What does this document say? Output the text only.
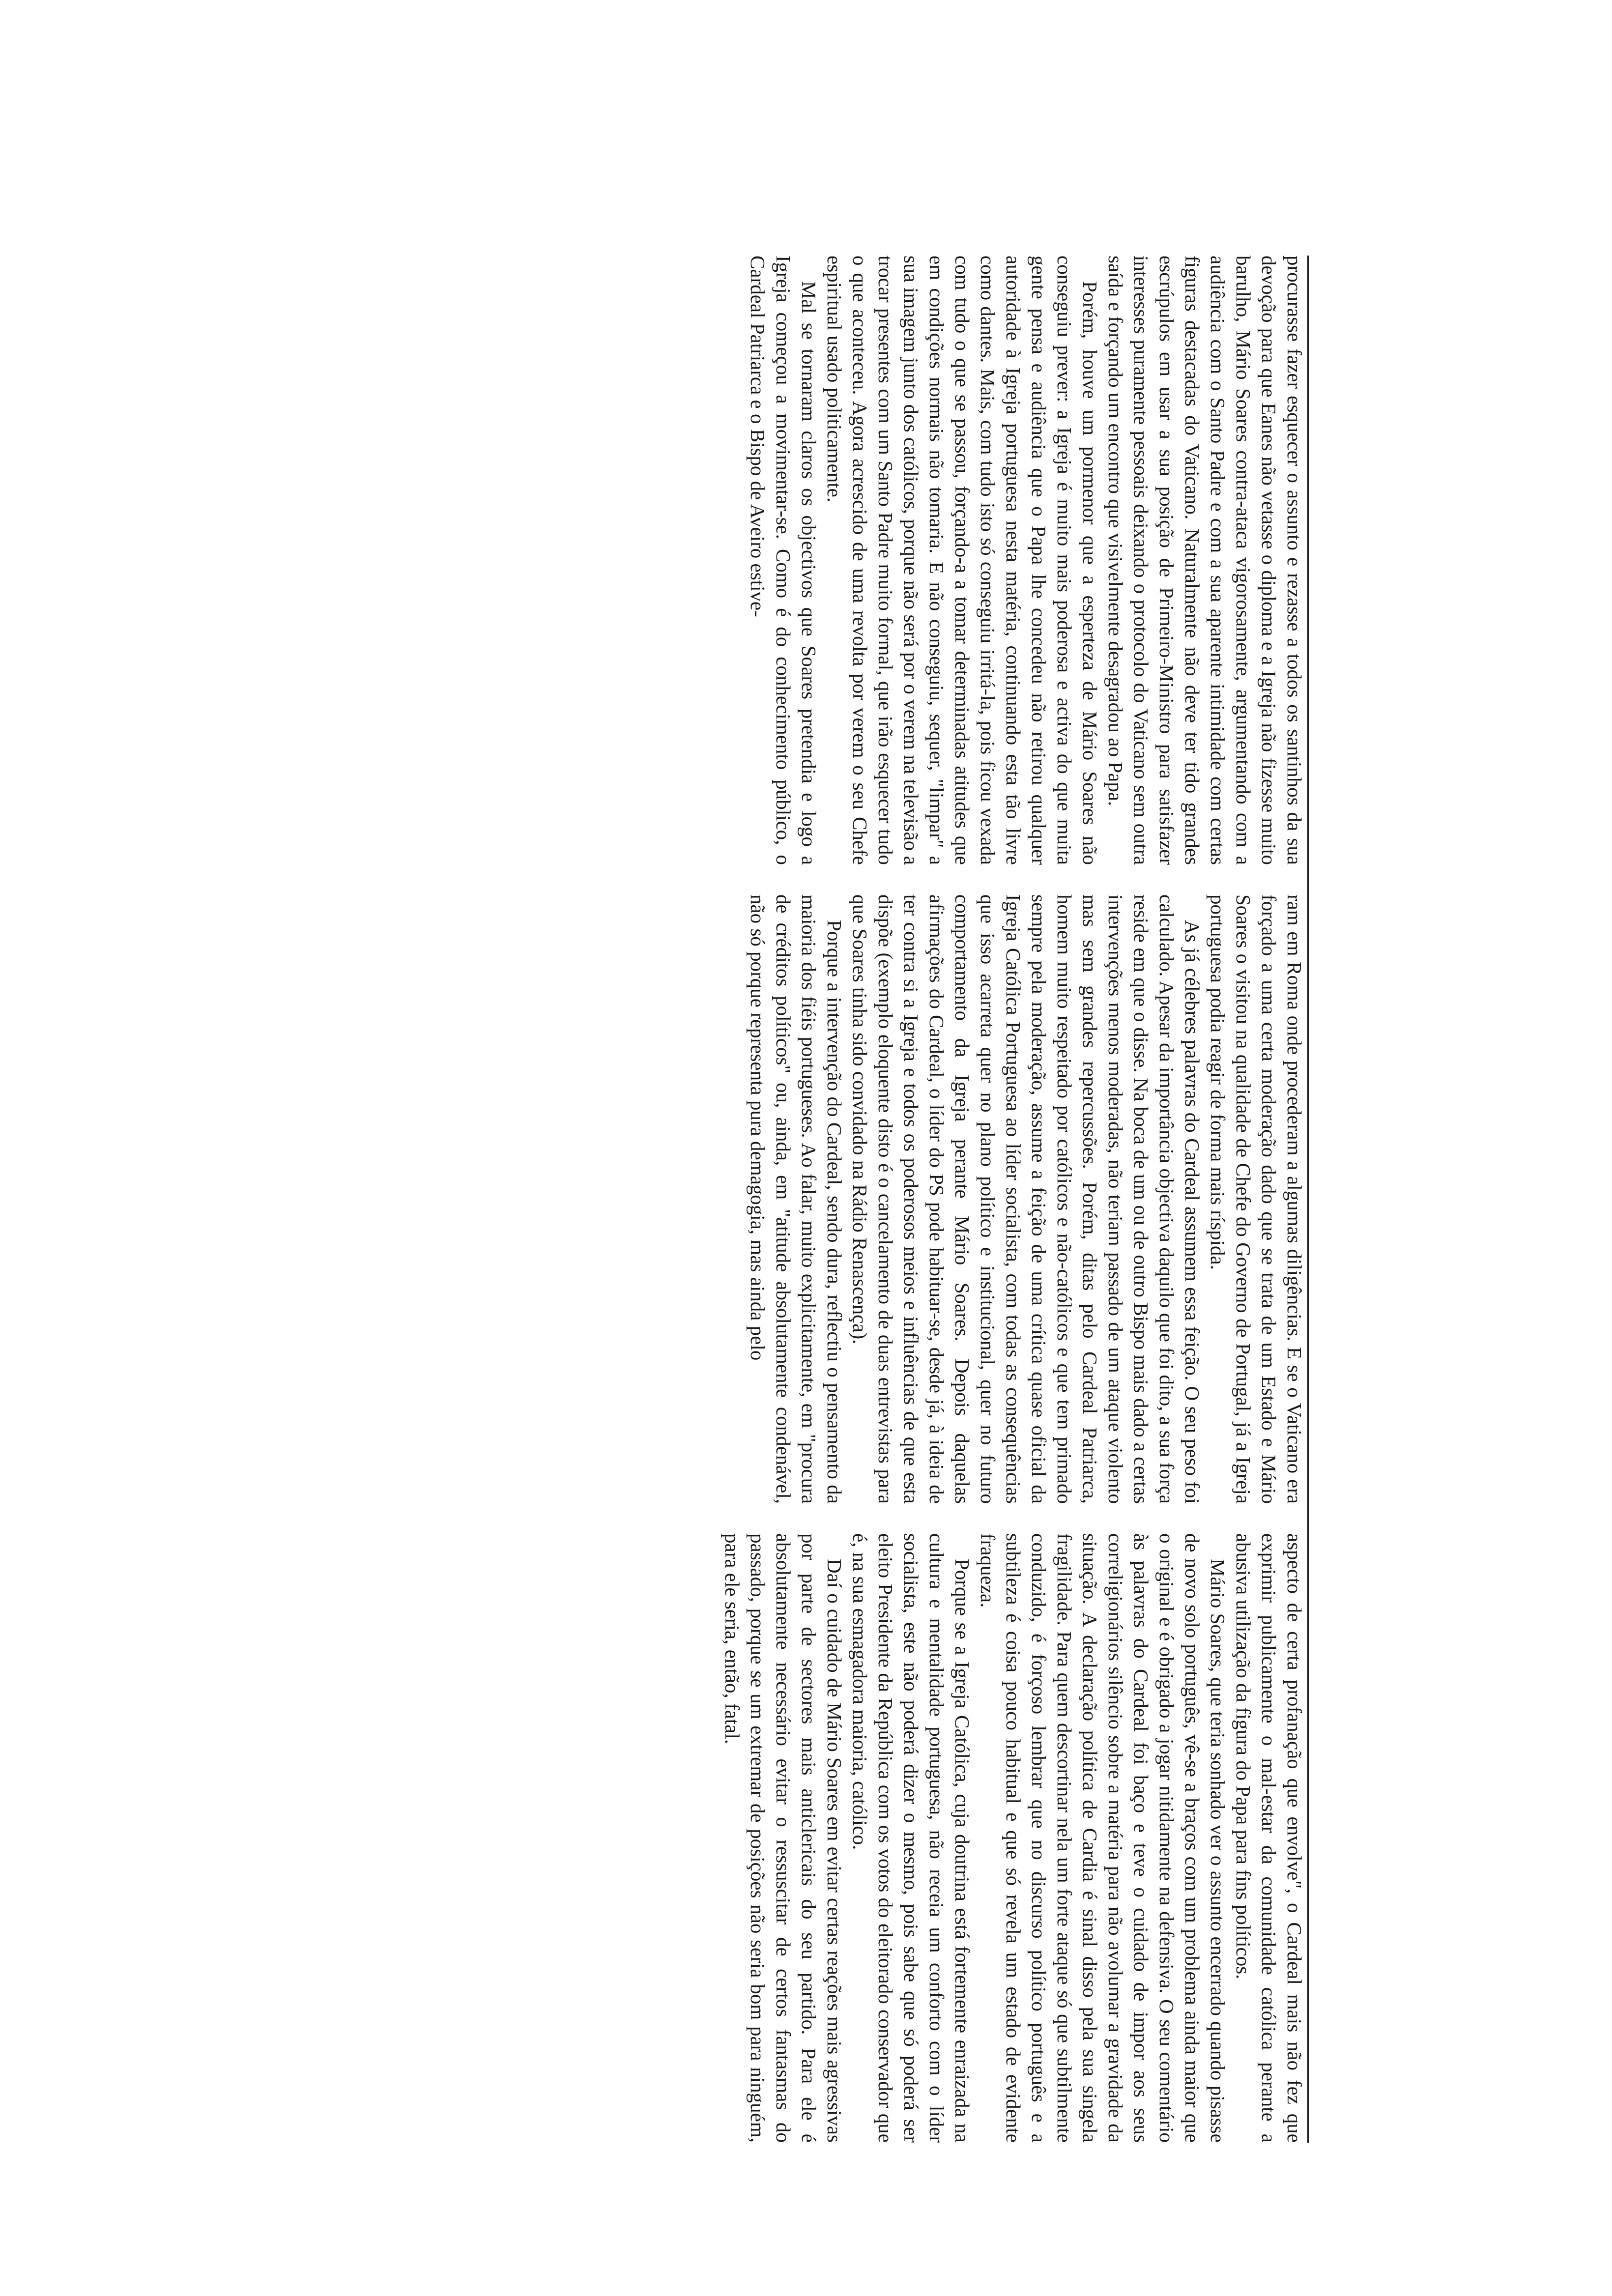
procurasse fazer esquecer o assunto e rezasse a todos os santinhos da sua devoção para que Eanes não vetasse o diploma e a Igreja não fizesse muito barulho, Mário Soares contra-atacа vigorosamente, argumentando com a audiência com o Santo Padre e com a sua aparente intimidade com certas figuras destacadas do Vaticano. Naturalmente não deve ter tido grandes escrúpulos em usar a sua posição de Primeiro-Ministro para satisfazer interesses puramente pessoais deixando o protocolo do Vaticano sem outra saída e forçando um encontro que visivelmente desagradou ao Papa.

Porém, houve um pormenor que a esperteza de Mário Soares não conseguiu prever: a Igreja é muito mais poderosa e activa do que muita gente pensa e audiência que o Papa lhe concedeu não retirou qualquer autoridade à Igreja portuguesa nesta matéria, continuando esta tão livre como dantes. Mais, com tudo isto só conseguiu irritá-la, pois ficou vexada com tudo o que se passou, forçando-a a tomar determinadas atitudes que em condições normais não tomaria. E não conseguiu, sequer, "limpar" a sua imagem junto dos católicos, porque não será por o verem na televisão a trocar presentes com um Santo Padre muito formal, que irão esquecer tudo o que aconteceu. Agora acrescido de uma revolta por verem o seu Chefe espiritual usado politicamente.

Mal se tornaram claros os objectivos que Soares pretendia e logo a Igreja começou a movimentar-se. Como é do conhecimento público, o Cardeal Patriarca e o Bispo de Aveiro estive-

ram em Roma onde procederam a algumas diligências. E se o Vaticano era forçado a uma certa moderação dado que se trata de um Estado e Mário Soares o visitou na qualidade de Chefe do Governo de Portugal, já a Igreja portuguesa podia reagir de forma mais ríspida.

As já célebres palavras do Cardeal assumem essa feição. O seu peso foi calculado. Apesar da importância objectiva daquilo que foi dito, a sua força reside em que o disse. Na boca de um ou de outro Bispo mais dado a certas intervenções menos moderadas, não teriam passado de um ataque violento mas sem grandes repercussões. Porém, ditas pelo Cardeal Patriarca, homem muito respeitado por católicos e não-católicos e que tem primado sempre pela moderação, assume a feição de uma crítica quase oficial da Igreja Católica Portuguesa ao líder socialista, com todas as consequências que isso acarreta quer no plano político e institucional, quer no futuro comportamento da Igreja perante Mário Soares. Depois daquelas afirmações do Cardeal, o líder do PS pode habituar-se, desde já, à ideia de ter contra si a Igreja e todos os poderosos meios e influências de que esta dispõe (exemplo eloquente disto é o cancelamento de duas entrevistas para que Soares tinha sido convidado na Rádio Renascença).

Porque a intervenção do Cardeal, sendo dura, reflectiu o pensamento da maioria dos fiéis portugueses. Ao falar, muito explicitamente, em "procura de créditos políticos" ou, ainda, em "atitude absolutamente condenável, não só porque representa pura demagogia, mas ainda pelo

aspecto de certa profanação que envolve", o Cardeal mais não fez que exprimir publicamente o mal-estar da comunidade católica perante a abusiva utilização da figura do Papa para fins políticos.

Mário Soares, que teria sonhado ver o assunto encerrado quando pisasse de novo solo português, vê-se a braços com um problema ainda maior que o original e é obrigado a jogar nitidamente na defensiva. O seu comentário às palavras do Cardeal foi baço e teve o cuidado de impor aos seus correligionários silêncio sobre a matéria para não avolumar a gravidade da situação. A declaração política de Cardia é sinal disso pela sua singela fragilidade. Para quem descortinar nela um forte ataque só que subtilmente conduzido, é forçoso lembrar que no discurso político português e a subtileza é coisa pouco habitual e que só revela um estado de evidente fraqueza.

Porque se a Igreja Católica, cuja doutrina está fortemente enraizada na cultura e mentalidade portuguesa, não receia um conforto com o líder socialista, este não poderá dizer o mesmo, pois sabe que só poderá ser eleito Presidente da República com os votos do eleitorado conservador que é, na sua esmagadora maioria, católico.

Daí o cuidado de Mário Soares em evitar certas reações mais agressivas por parte de sectores mais anticlericais do seu partido. Para ele é absolutamente necessário evitar o ressuscitar de certos fantasmas do passado, porque se um extremar de posições não seria bom para ninguém, para ele seria, então, fatal.
